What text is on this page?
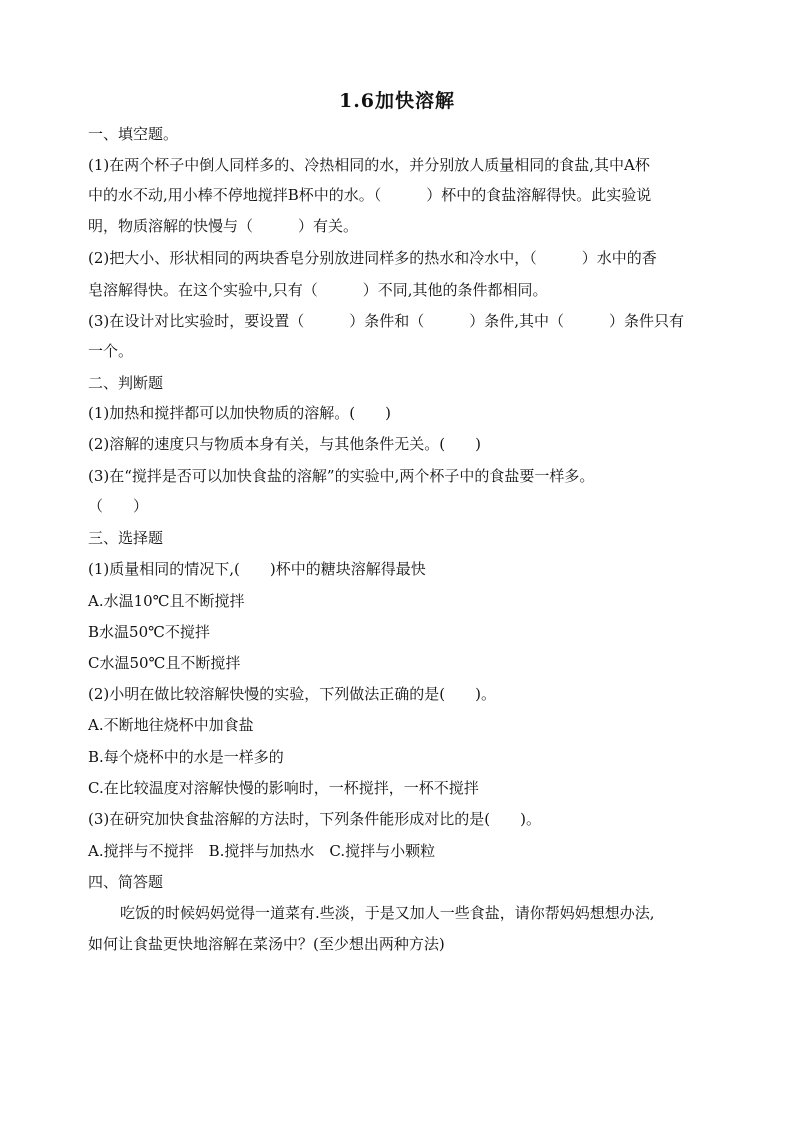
1.6加快溶解
一、填空题。
(1)在两个杯子中倒人同样多的、冷热相同的水，并分别放人质量相同的食盐,其中A杯
中的水不动,用小棒不停地搅拌B杯中的水。（　　　）杯中的食盐溶解得快。此实验说
明，物质溶解的快慢与（　　　）有关。
(2)把大小、形状相同的两块香皂分别放进同样多的热水和冷水中，（　　　）水中的香
皂溶解得快。在这个实验中,只有（　　　）不同,其他的条件都相同。
(3)在设计对比实验时，要设置（　　　）条件和（　　　）条件,其中（　　　）条件只有
一个。
二、判断题
(1)加热和搅拌都可以加快物质的溶解。(　　)
(2)溶解的速度只与物质本身有关，与其他条件无关。(　　)
(3)在“搅拌是否可以加快食盐的溶解”的实验中,两个杯子中的食盐要一样多。
（　　）
三、选择题
(1)质量相同的情况下,(　　)杯中的糖块溶解得最快
A.水温10℃且不断搅拌
B水温50℃不搅拌
C水温50℃且不断搅拌
(2)小明在做比较溶解快慢的实验，下列做法正确的是(　　)。
A.不断地往烧杯中加食盐
B.每个烧杯中的水是一样多的
C.在比较温度对溶解快慢的影响时，一杯搅拌，一杯不搅拌
(3)在研究加快食盐溶解的方法时，下列条件能形成对比的是(　　)。
A.搅拌与不搅拌　B.搅拌与加热水　C.搅拌与小颗粒
四、简答题
吃饭的时候妈妈觉得一道菜有.些淡，于是又加人一些食盐，请你帮妈妈想想办法,
如何让食盐更快地溶解在菜汤中？(至少想出两种方法)
